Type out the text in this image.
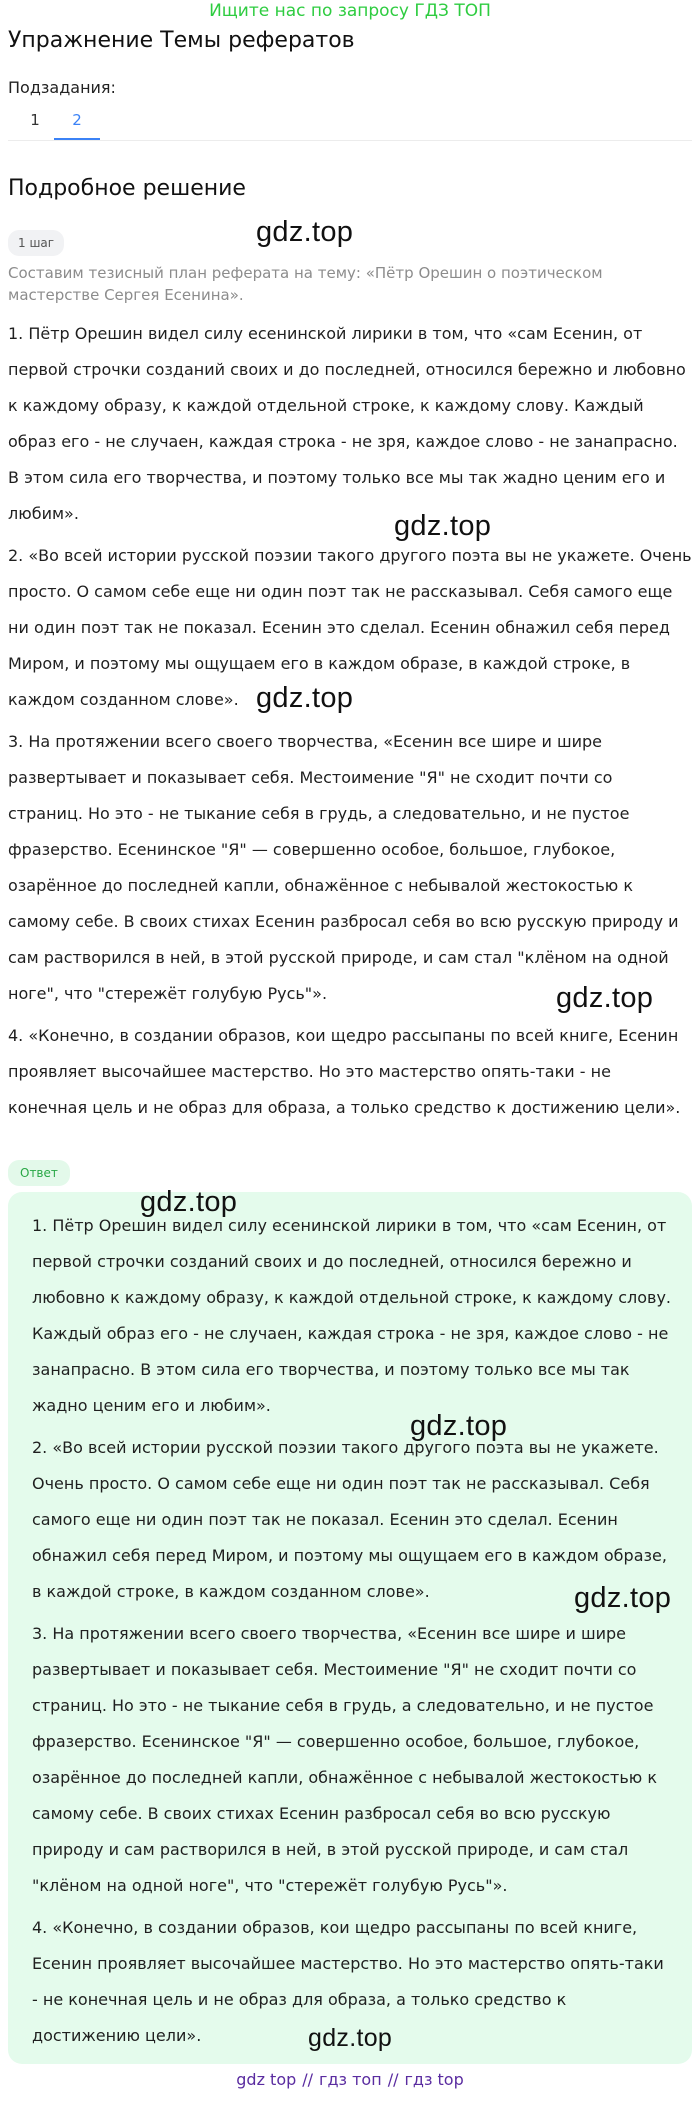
Ищите нас по запросу ГДЗ ТОП
Упражнение Темы рефератов
Подзадания:
1	2
Подробное решение
1 шаг
Составим тезисный план реферата на тему: «Пётр Орешин о поэтическом мастерстве Сергея Есенина».

1. Пётр Орешин видел силу есенинской лирики в том, что «сам Есенин, от первой строчки созданий своих и до последней, относился бережно и любовно к каждому образу, к каждой отдельной строке, к каждому слову. Каждый образ его - не случаен, каждая строка - не зря, каждое слово - не занапрасно. В этом сила его творчества, и поэтому только все мы так жадно ценим его и любим».

2. «Во всей истории русской поэзии такого другого поэта вы не укажете. Очень просто. О самом себе еще ни один поэт так не рассказывал. Себя самого еще ни один поэт так не показал. Есенин это сделал. Есенин обнажил себя перед Миром, и поэтому мы ощущаем его в каждом образе, в каждой строке, в каждом созданном слове».

3. На протяжении всего своего творчества, «Есенин все шире и шире развертывает и показывает себя. Местоимение "Я" не сходит почти со страниц. Но это - не тыкание себя в грудь, а следовательно, и не пустое фразерство. Есенинское "Я" — совершенно особое, большое, глубокое, озарённое до последней капли, обнажённое с небывалой жестокостью к самому себе. В своих стихах Есенин разбросал себя во всю русскую природу и сам растворился в ней, в этой русской природе, и сам стал "клёном на одной ноге", что "стережёт голубую Русь"».

4. «Конечно, в создании образов, кои щедро рассыпаны по всей книге, Есенин проявляет высочайшее мастерство. Но это мастерство опять-таки - не конечная цель и не образ для образа, а только средство к достижению цели».

Ответ

1. Пётр Орешин видел силу есенинской лирики в том, что «сам Есенин, от первой строчки созданий своих и до последней, относился бережно и любовно к каждому образу, к каждой отдельной строке, к каждому слову. Каждый образ его - не случаен, каждая строка - не зря, каждое слово - не занапрасно. В этом сила его творчества, и поэтому только все мы так жадно ценим его и любим».

2. «Во всей истории русской поэзии такого другого поэта вы не укажете. Очень просто. О самом себе еще ни один поэт так не рассказывал. Себя самого еще ни один поэт так не показал. Есенин это сделал. Есенин обнажил себя перед Миром, и поэтому мы ощущаем его в каждом образе, в каждой строке, в каждом созданном слове».

3. На протяжении всего своего творчества, «Есенин все шире и шире развертывает и показывает себя. Местоимение "Я" не сходит почти со страниц. Но это - не тыкание себя в грудь, а следовательно, и не пустое фразерство. Есенинское "Я" — совершенно особое, большое, глубокое, озарённое до последней капли, обнажённое с небывалой жестокостью к самому себе. В своих стихах Есенин разбросал себя во всю русскую природу и сам растворился в ней, в этой русской природе, и сам стал "клёном на одной ноге", что "стережёт голубую Русь"».

4. «Конечно, в создании образов, кои щедро рассыпаны по всей книге, Есенин проявляет высочайшее мастерство. Но это мастерство опять-таки - не конечная цель и не образ для образа, а только средство к достижению цели».

gdz.top
gdz.top
gdz.top
gdz.top
gdz.top
gdz.top
gdz.top
gdz.top
gdz top // гдз топ // гдз top
